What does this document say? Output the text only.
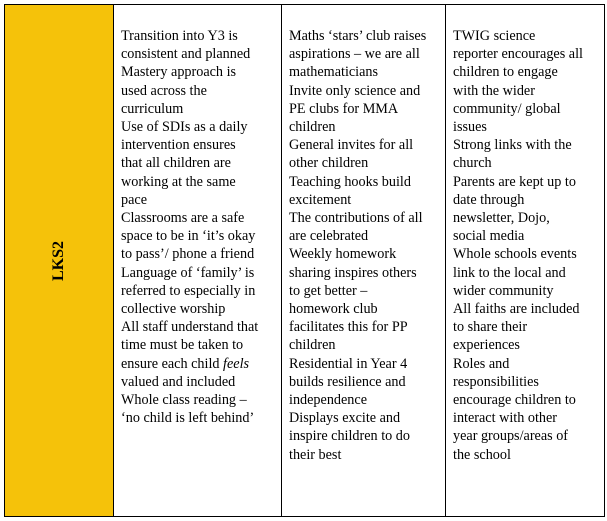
LKS2
Transition into Y3 is
consistent and planned
Mastery approach is
used across the
curriculum
Use of SDIs as a daily
intervention ensures
that all children are
working at the same
pace
Classrooms are a safe
space to be in ‘it’s okay
to pass’/ phone a friend
Language of ‘family’ is
referred to especially in
collective worship
All staff understand that
time must be taken to
ensure each child feels
valued and included
Whole class reading –
‘no child is left behind’
Maths ‘stars’ club raises
aspirations – we are all
mathematicians
Invite only science and
PE clubs for MMA
children
General invites for all
other children
Teaching hooks build
excitement
The contributions of all
are celebrated
Weekly homework
sharing inspires others
to get better –
homework club
facilitates this for PP
children
Residential in Year 4
builds resilience and
independence
Displays excite and
inspire children to do
their best
TWIG science
reporter encourages all
children to engage
with the wider
community/ global
issues
Strong links with the
church
Parents are kept up to
date through
newsletter, Dojo,
social media
Whole schools events
link to the local and
wider community
All faiths are included
to share their
experiences
Roles and
responsibilities
encourage children to
interact with other
year groups/areas of
the school
